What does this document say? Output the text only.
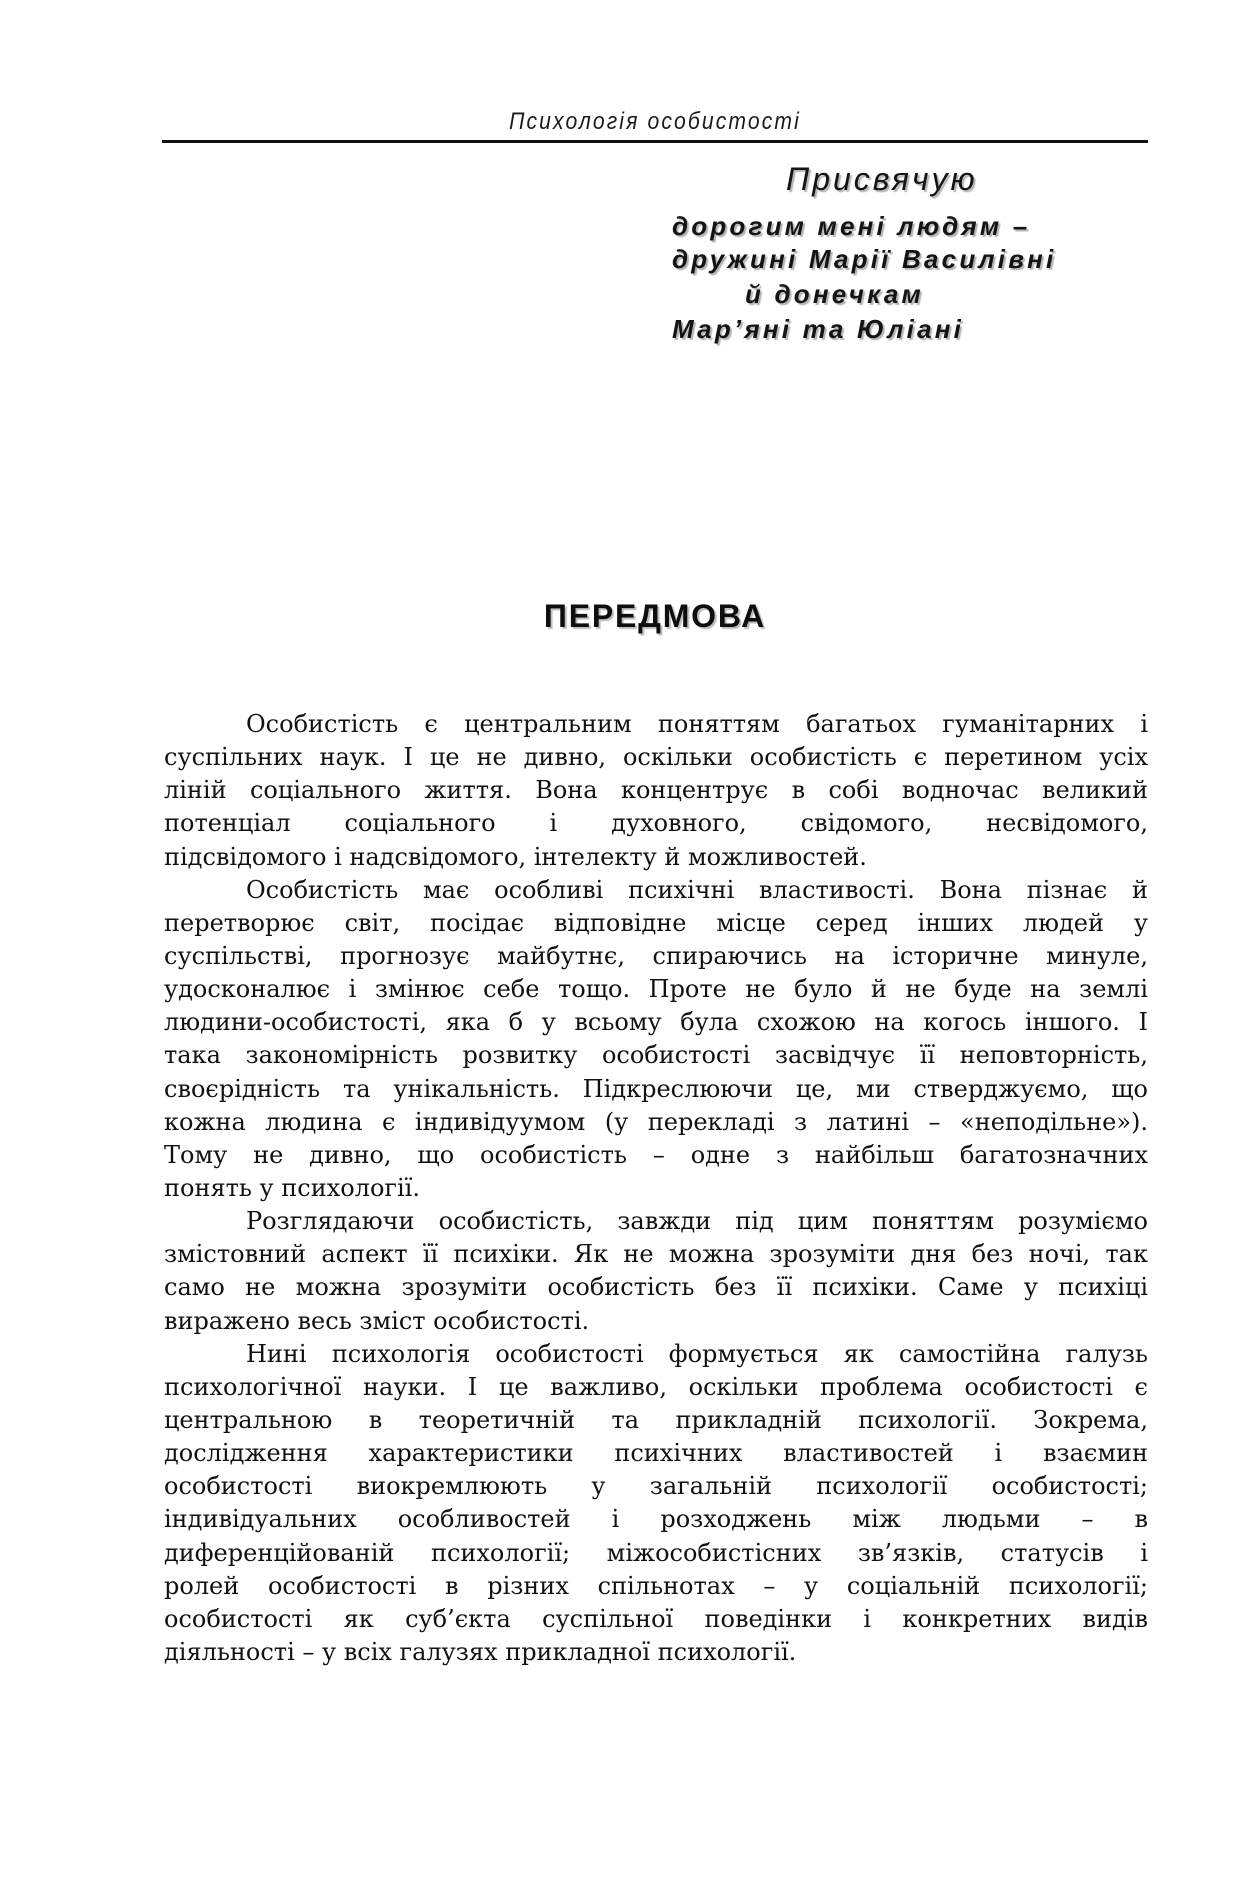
Психологія особистості
Присвячую
дорогим мені людям –
дружині Марії Василівні
й донечкам
Мар’яні та Юліані
ПЕРЕДМОВА
Особистість є центральним поняттям багатьох гуманітарних і
суспільних наук. І це не дивно, оскільки особистість є перетином усіх
ліній соціального життя. Вона концентрує в собі водночас великий
потенціал соціального і духовного, свідомого, несвідомого,
підсвідомого і надсвідомого, інтелекту й можливостей.
Особистість має особливі психічні властивості. Вона пізнає й
перетворює світ, посідає відповідне місце серед інших людей у
суспільстві, прогнозує майбутнє, спираючись на історичне минуле,
удосконалює і змінює себе тощо. Проте не було й не буде на землі
людини-особистості, яка б у всьому була схожою на когось іншого. І
така закономірність розвитку особистості засвідчує її неповторність,
своєрідність та унікальність. Підкреслюючи це, ми стверджуємо, що
кожна людина є індивідуумом (у перекладі з латині – «неподільне»).
Тому не дивно, що особистість – одне з найбільш багатозначних
понять у психології.
Розглядаючи особистість, завжди під цим поняттям розуміємо
змістовний аспект її психіки. Як не можна зрозуміти дня без ночі, так
само не можна зрозуміти особистість без її психіки. Саме у психіці
виражено весь зміст особистості.
Нині психологія особистості формується як самостійна галузь
психологічної науки. І це важливо, оскільки проблема особистості є
центральною в теоретичній та прикладній психології. Зокрема,
дослідження характеристики психічних властивостей і взаємин
особистості виокремлюють у загальній психології особистості;
індивідуальних особливостей і розходжень між людьми – в
диференційованій психології; міжособистісних зв’язків, статусів і
ролей особистості в різних спільнотах – у соціальній психології;
особистості як суб’єкта суспільної поведінки і конкретних видів
діяльності – у всіх галузях прикладної психології.
